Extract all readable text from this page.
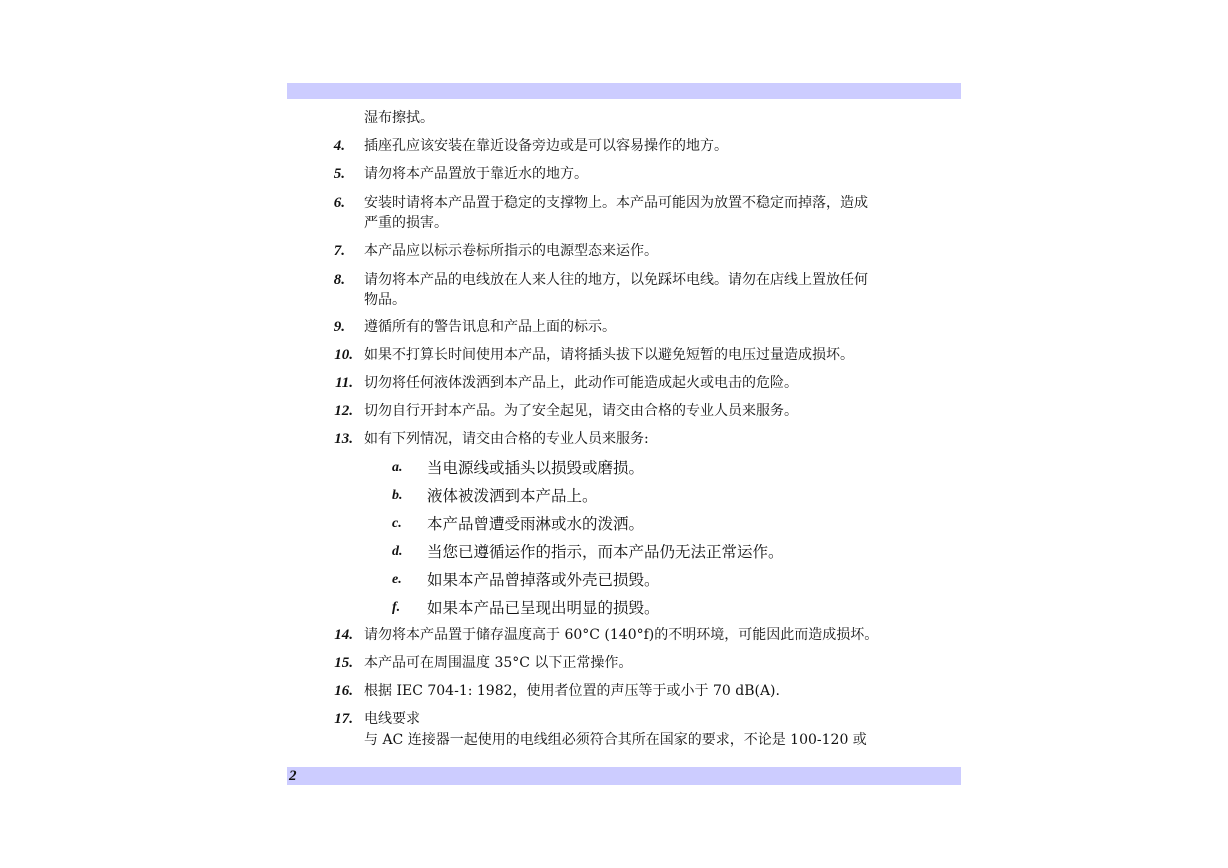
湿布擦拭。
4. 插座孔应该安装在靠近设备旁边或是可以容易操作的地方。
5. 请勿将本产品置放于靠近水的地方。
6. 安装时请将本产品置于稳定的支撑物上。本产品可能因为放置不稳定而掉落，造成
严重的损害。
7. 本产品应以标示卷标所指示的电源型态来运作。
8. 请勿将本产品的电线放在人来人往的地方，以免踩坏电线。请勿在店线上置放任何
物品。
9. 遵循所有的警告讯息和产品上面的标示。
10. 如果不打算长时间使用本产品，请将插头拔下以避免短暂的电压过量造成损坏。
11. 切勿将任何液体泼洒到本产品上，此动作可能造成起火或电击的危险。
12. 切勿自行开封本产品。为了安全起见，请交由合格的专业人员来服务。
13. 如有下列情况，请交由合格的专业人员来服务:
a. 当电源线或插头以损毁或磨损。
b. 液体被泼洒到本产品上。
c. 本产品曾遭受雨淋或水的泼洒。
d. 当您已遵循运作的指示，而本产品仍无法正常运作。
e. 如果本产品曾掉落或外壳已损毁。
f. 如果本产品已呈现出明显的损毁。
14. 请勿将本产品置于储存温度高于 60°C (140°f)的不明环境，可能因此而造成损坏。
15. 本产品可在周围温度 35°C 以下正常操作。
16. 根据 IEC 704-1: 1982，使用者位置的声压等于或小于 70 dB(A).
17. 电线要求
与 AC 连接器一起使用的电线组必须符合其所在国家的要求，不论是 100-120 或
2
